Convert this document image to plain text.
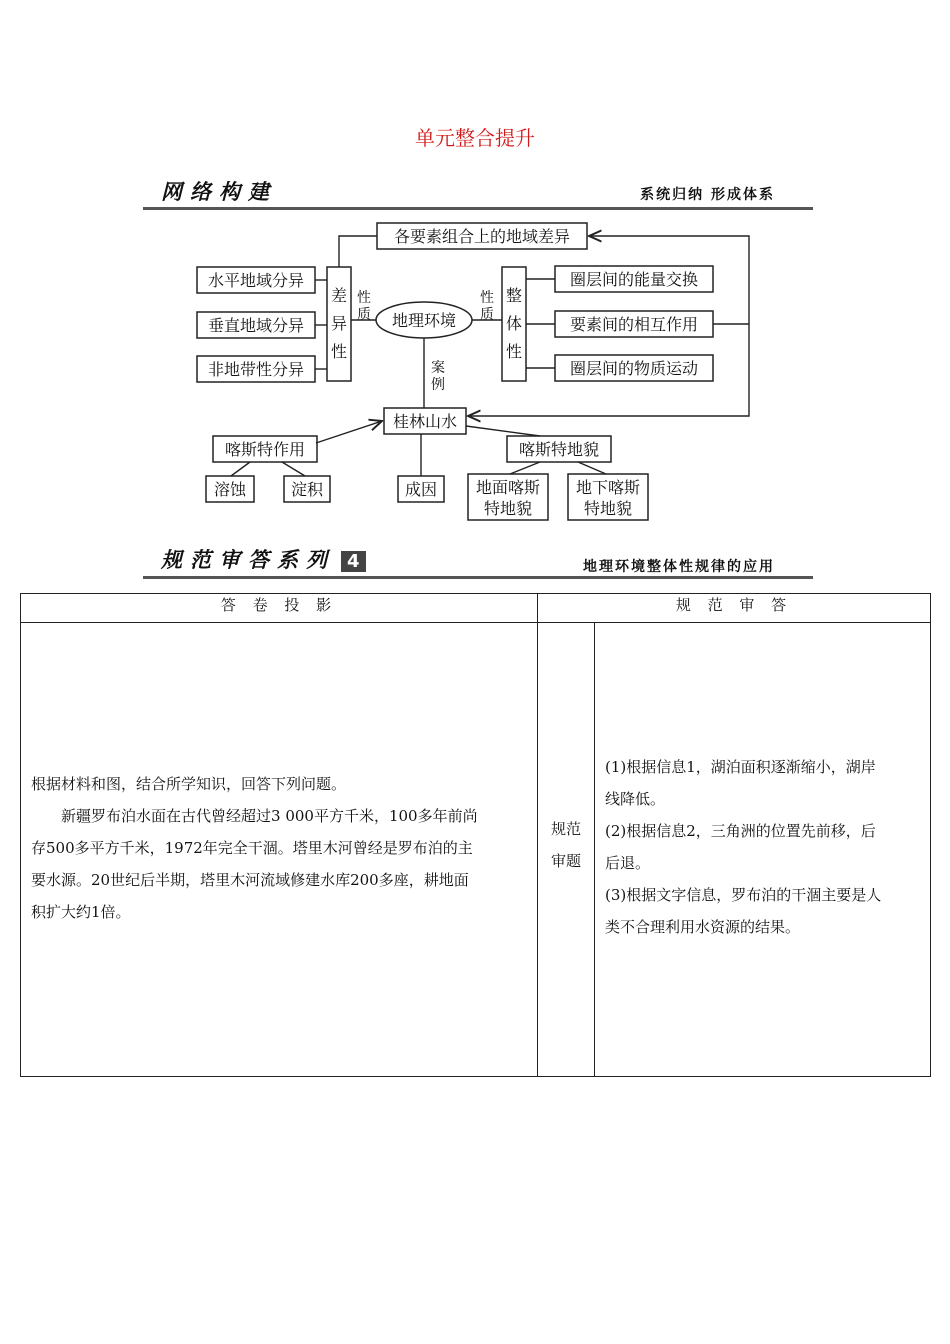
单元整合提升
网络构建	系统归纳 形成体系
各要素组合上的地域差异
水平地域分异
垂直地域分异
非地带性分异
差
异
性
地理环境
整
体
性
圈层间的能量交换
要素间的相互作用
圈层间的物质运动
桂林山水
喀斯特作用
溶蚀	淀积	成因
喀斯特地貌
地面喀斯
特地貌
地下喀斯
特地貌
性
质
性
质
案
例
规范审答系列 4	地理环境整体性规律的应用
答 卷 投 影	规 范 审 答

根据材料和图，结合所学知识，回答下列问题。

新疆罗布泊水面在古代曾经超过3 000平方千米，100多年前尚

存500多平方千米，1972年完全干涸。塔里木河曾经是罗布泊的主

要水源。20世纪后半期，塔里木河流域修建水库200多座，耕地面

积扩大约1倍。

规范

审题

(1)根据信息1，湖泊面积逐渐缩小，湖岸

线降低。

(2)根据信息2，三角洲的位置先前移，后

后退。

(3)根据文字信息，罗布泊的干涸主要是人

类不合理利用水资源的结果。
